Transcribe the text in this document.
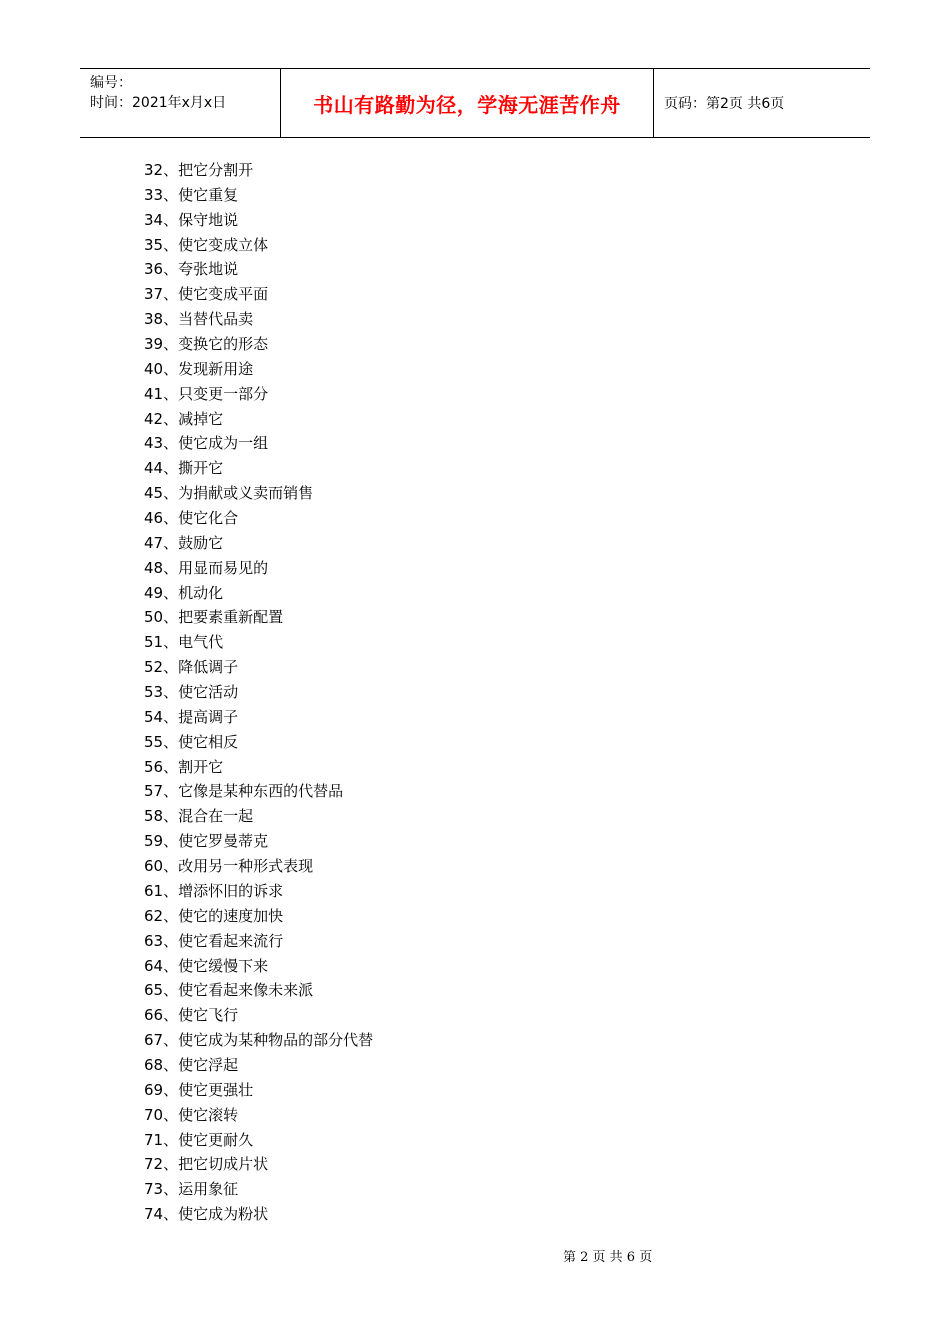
编号：
时间：2021年x月x日	书山有路勤为径，学海无涯苦作舟	页码：第2页 共6页
32、把它分割开
33、使它重复
34、保守地说
35、使它变成立体
36、夸张地说
37、使它变成平面
38、当替代品卖
39、变换它的形态
40、发现新用途
41、只变更一部分
42、减掉它
43、使它成为一组
44、撕开它
45、为捐献或义卖而销售
46、使它化合
47、鼓励它
48、用显而易见的
49、机动化
50、把要素重新配置
51、电气代
52、降低调子
53、使它活动
54、提高调子
55、使它相反
56、割开它
57、它像是某种东西的代替品
58、混合在一起
59、使它罗曼蒂克
60、改用另一种形式表现
61、增添怀旧的诉求
62、使它的速度加快
63、使它看起来流行
64、使它缓慢下来
65、使它看起来像未来派
66、使它飞行
67、使它成为某种物品的部分代替
68、使它浮起
69、使它更强壮
70、使它滚转
71、使它更耐久
72、把它切成片状
73、运用象征
74、使它成为粉状
第 2 页 共 6 页
